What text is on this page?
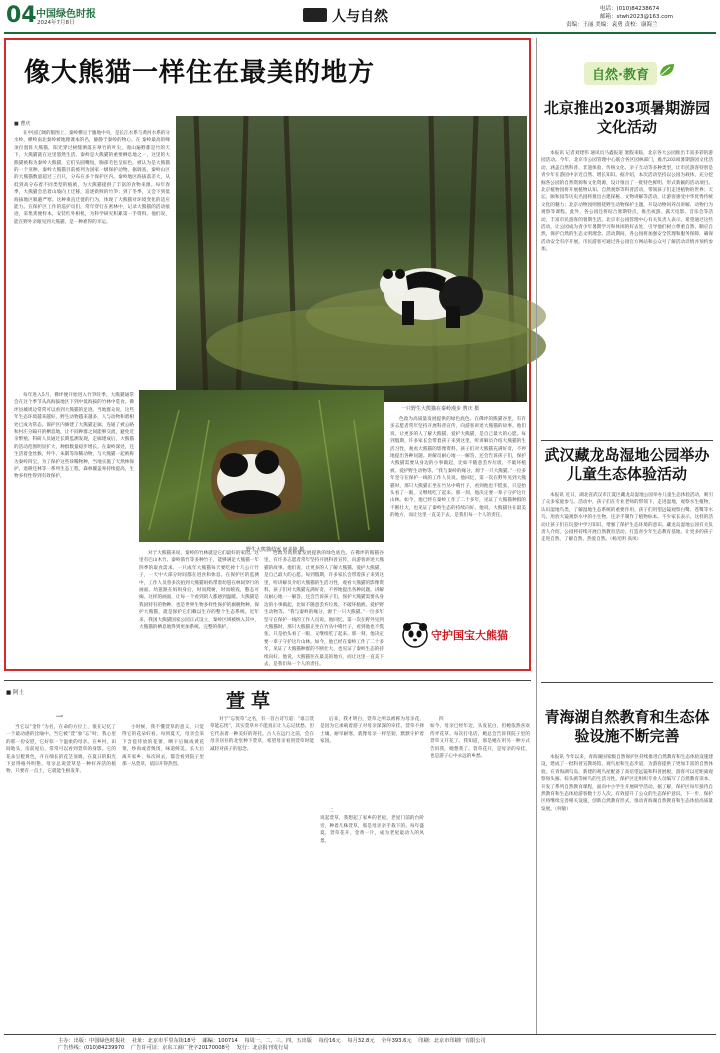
04 中国绿色时报
2024年7月8日	人与自然	电话：(010)84238674
邮箱：stwh2023@163.com
责编：王丽 美编：袁勇 责校：康海兰
像大熊猫一样住在最美的地方
一只野生大熊猫在秦岭漫步 曹庆 摄
野生大熊猫幼崽 何美艳 摄
■ 曹庆
在中国辽阔的版图上，秦岭横亘于腹地中央，是长江水系与黄河水系的分水岭，横岭南北秦岭被地理课本的名，静静于秦岭的物心。在 秦岭最高的峰顶位置阵大熊猫，阳光穿过树缝洒落在翠竹的叶尖。漫山遍野都是竹的天下，大熊猫就在这里悠然生活。秦岭是大熊猫的重要栖息地之一，这里的大熊猫被称为秦岭大熊猫，它们头圆嘴短，胸部毛色呈棕色，被认为是大熊猫的一个亚种。秦岭大熊猫目前被列为国家一级保护动物。据调查，秦岭山区的大熊猫数量超过三百只，分布在多个保护区内。秦岭地区海拔落差大，从低到高分布着不同类型的植被，为大熊猫提供了丰富的食物来源。每年春季，大熊猫会沿着山坡向上迁移，追逐新鲜的竹笋；到了冬季，又会下到低海拔地区躲避严寒。这种垂直迁徙的行为，体现了大熊猫对环境变化的适应能力。在保护区工作的巡护员们，常年穿行在密林中，记录大熊猫的活动痕迹，采集粪便样本，安装红外相机，为科学研究积累第一手资料。他们说，能在野外亲眼见到大熊猫，是一种难得的幸运。
每年进入5月，佛坪便开始进入竹笋旺季。大熊猫通常会在这个季节从高海拔地区下到中低海拔的竹林中觅食。佛坪县城周边常常可以看到大熊猫的足迹。当地群众说，这些年生态环境越来越好，野生动物越来越多，人与动物和谐相处已成为常态。保护区内修建了大熊猫走廊，连通了被公路和村庄分隔开的栖息地，让不同种群之间能够交流，避免近亲繁殖。科研人员通过长期监测发现，走廊建成后，大熊猫的活动范围明显扩大，种群数量稳步增长。在秦岭深处，还生活着金丝猴、羚牛、朱鹮等珍稀动物，与大熊猫一起被称为秦岭四宝。为了保护这些珍稀物种，当地实施了天然林保护、退耕还林等一系列生态工程，森林覆盖率持续提高，生物多样性得到有效保护。
对于大熊猫来说，秦岭的竹林就是它们最好的家园。这里有巴山木竹、秦岭箭竹等多种竹子，能够满足大熊猫一年四季的取食需求。一只成年大熊猫每天要吃掉十几公斤竹子，一天中大部分时间都在进食和休息。在保护区的监测中，工作人员曾多次拍到大熊猫妈妈带着幼崽在林间穿行的画面。幼崽跟在妈妈身后，时而爬树，时而嬉戏，憨态可掬。这样的画面，让每一个看到的人都感到温暖。大熊猫是我国特有的物种，也是世界生物多样性保护的旗舰物种。保护大熊猫，就是保护它们赖以生存的整个生态系统。近年来，我国大熊猫国家公园正式设立，秦岭区域被纳入其中，大熊猫的栖息地得到更加系统、完整的保护。
色政为高质量发展提供的绿色底色。在佛坪的熊猫谷里，有许多志愿者常年坚持开展科普宣传，向游客讲述大熊猫的故事。他们说，让更多的人了解大熊猫、爱护大熊猫，是自己最大的心愿。每到假期，许多家长会带着孩子来到这里，听讲解员介绍大熊猫的生活习性，观看大熊猫的影像资料。孩子们对大熊猫充满好奇，不停地提出各种问题。讲解员耐心地一一解答，还会告诉孩子们，保护大熊猫需要从身边的小事做起，比如不随意丢弃垃圾、不破坏植被、爱护野生动物等。“我与秦岭的缘分，源于一只大熊猫。”一位多年坚守在保护一线的工作人员说。他回忆，第一次在野外见到大熊猫时，那只大熊猫正坐在竹丛中啃竹子，看到他也不慌张，只是抬头看了一眼，又继续吃了起来。那一刻，他决定要一辈子守护这片山林。如今，他已经在秦岭工作了二十多年，见证了大熊猫种群的不断壮大，也见证了秦岭生态的持续向好。他说，大熊猫住在最美的地方，而让这里一直美下去，是我们每一个人的责任。
色政为高质量发展提供的绿色底色。在佛坪的熊猫谷里，有许多志愿者常年坚持开展科普宣传，向游客讲述大熊猫的故事。他们说，让更多的人了解大熊猫、爱护大熊猫，是自己最大的心愿。每到假期，许多家长会带着孩子来到这里，听讲解员介绍大熊猫的生活习性，观看大熊猫的影像资料。孩子们对大熊猫充满好奇，不停地提出各种问题。讲解员耐心地一一解答，还会告诉孩子们，保护大熊猫需要从身边的小事做起，比如不随意丢弃垃圾、不破坏植被、爱护野生动物等。“我与秦岭的缘分，源于一只大熊猫。”一位多年坚守在保护一线的工作人员说。他回忆，第一次在野外见到大熊猫时，那只大熊猫正坐在竹丛中啃竹子，看到他也不慌张，只是抬头看了一眼，又继续吃了起来。那一刻，他决定要一辈子守护这片山林。如今，他已经在秦岭工作了二十多年，见证了大熊猫种群的不断壮大，也见证了秦岭生态的持续向好。他说，大熊猫住在最美的地方，而让这里一直美下去，是我们每一个人的责任。
守护国宝大熊猫
自然·教育
北京推出203项暑期游园文化活动
本报讯 记者刘建伟 通讯员马鑫报道 暑假来临，北京各大公园推出丰富多彩的游园活动。今年，北京市公园管理中心联合各区园林部门，推出203项暑期游园文化活动，涵盖自然科普、非遗体验、传统文化、亲子互动等多种类型，让市民游客特别是青少年在游园中亲近自然、增长知识。据介绍，本次活动坚持以公园为载体，充分挖掘各公园的自然资源和文化资源，设计推出了一批特色鲜明、形式新颖的活动项目。北京植物园将开展植物认知、自然观察等科普活动，带领孩子们走进植物的世界；天坛、颐和园等历史名园将推出古建探秘、文物讲解等活动，让游客感受中华优秀传统文化的魅力；北京动物园则围绕野生动物保护主题，开设动物饲养员讲解、动物行为观察等课程。此外，各公园还将结合暑期特点，推出夜游、露天电影、音乐会等活动，丰富市民游客的暑期生活。北京市公园管理中心有关负责人表示，希望通过这些活动，让公园成为青少年暑期学习和休闲的好去处，引导他们树立尊重自然、顺应自然、保护自然的生态文明理念。活动期间，各公园将加强安全管理和服务保障，确保活动安全有序开展。市民游客可通过各公园官方网站和公众号了解活动详情并预约参加。
武汉藏龙岛湿地公园举办儿童生态体验活动
本报讯 近日，湖北省武汉市江夏区藏龙岛湿地公园举办儿童生态体验活动，吸引了众多家庭参与。活动中，孩子们在专业老师的带领下，走进湿地，观察水生植物，认识湿地鸟类，了解湿地生态系统的重要作用。孩子们用望远镜观察白鹭、苍鹭等水鸟，用放大镜观察水中的小生物，还亲手制作了植物标本。不少家长表示，这样的活动让孩子们在玩耍中学习知识，增强了保护生态环境的意识。藏龙岛湿地公园有关负责人介绍，公园将持续开展自然教育活动，打造青少年生态教育基地，让更多的孩子走进自然、了解自然、热爱自然。（杨光明 高凤）
青海湖自然教育和生态体验设施不断完善
本报讯 今年以来，青海湖国家级自然保护区持续推进自然教育和生态体验设施建设，建成了一批科普宣教场馆、观鸟屋和生态步道，为游客提供了更加丰富的自然体验。在青海湖鸟岛，新建的观鸟屋配备了高倍望远镜和科普展板，游客可以近距离观察斑头雁、棕头鸥等候鸟的生活习性。保护区还组织专业人员编写了自然教育读本，开发了系列自然教育课程，面向中小学生开展研学活动。据了解，保护区每年接待自然教育和生态体验游客数十万人次，有效提升了公众的生态保护意识。下一步，保护区将继续完善相关设施，创新自然教育形式，推动青海湖自然教育和生态体验高质量发展。（何敏）
■ 阿土	萱草
一
当它以“金针”为名，在命的方位上，很在记忆了一个最动感的比喻中。当它被“萱”象“忘”时，我心里的那一份安慰，它好似一个温柔的母亲。在乡村，田间地头，房前屋后，常常可以看到萱草的身影。它的花朵呈橙黄色，开在细长的花茎顶端，在夏日的阳光下显得格外明艳。母亲总说萱草是一种好养活的植物，只要有一点土，它就能生根发芽。
小时候，我不懂萱草的意义，只觉得它的花朵好看。每到夏天，母亲会采下含苞待放的花蕾，晒干后做成黄花菜，炒肉或者煲汤，味道鲜美。长大后离开家乡，每次回去，都会看到院子里那一丛萱草，依旧开得热烈。
对于“忘忧草”之名，有一首古诗写道：“谁言萱草能忘忧”，其实萱草并不能真正让人忘记忧愁，但它代表着一种美好的寄托。古人在远行之前，会在母亲居住的北堂种下萱草，希望母亲看到萱草时能减轻对孩子的思念。
后来，我才明白，萱草之所以被称为母亲花，是因为它承载着游子对母亲深深的牵挂。萱草不择土壤，耐旱耐寒，就像母亲一样坚韧，默默守护着家园。
二
说起萱草，我想起了家乡的老屋。老屋门前的台阶旁，种着几株萱草，那是母亲亲手栽下的。每年盛夏，萱草花开，金黄一片，成为老屋最动人的风景。
四
如今，母亲已经年迈，头发花白，但她依然喜欢侍弄花草。每次打电话，她总会告诉我院子里的萱草又开花了。我知道，那是她在用另一种方式告诉我，她想我了。萱草花开，是母亲的牵挂，也是游子心中永远的乡愁。
主办：出版：中国绿色时报社 社址：北京市平里东街18号 邮编：100714 每周一、二、三、四、五出版 每份16元 每月32.8元 全年393.6元 印刷：北京市印刷厂有限公司
广告热线：(010)84239970 广告许可证：京东工商广登字20170008号 发行：北京报刊发行局
